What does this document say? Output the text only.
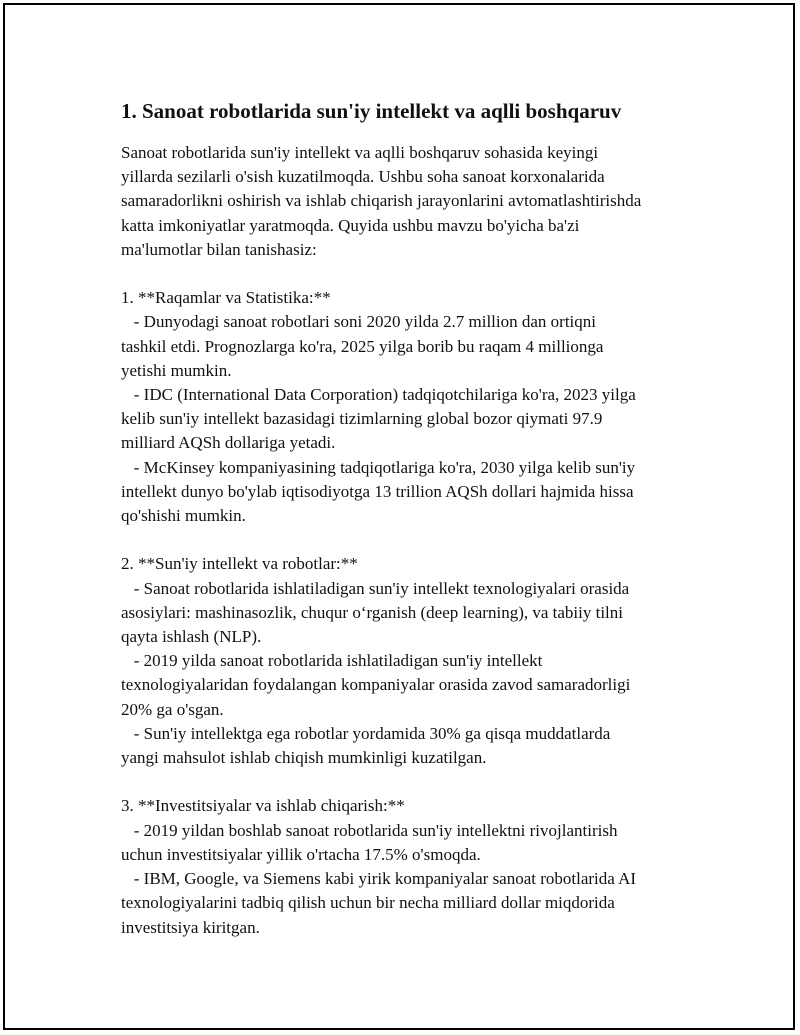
1. Sanoat robotlarida sun'iy intellekt va aqlli boshqaruv

Sanoat robotlarida sun'iy intellekt va aqlli boshqaruv sohasida keyingi
yillarda sezilarli o'sish kuzatilmoqda. Ushbu soha sanoat korxonalarida
samaradorlikni oshirish va ishlab chiqarish jarayonlarini avtomatlashtirishda
katta imkoniyatlar yaratmoqda. Quyida ushbu mavzu bo'yicha ba'zi
ma'lumotlar bilan tanishasiz:

1. **Raqamlar va Statistika:**
- Dunyodagi sanoat robotlari soni 2020 yilda 2.7 million dan ortiqni
tashkil etdi. Prognozlarga ko'ra, 2025 yilga borib bu raqam 4 millionga
yetishi mumkin.
- IDC (International Data Corporation) tadqiqotchilariga ko'ra, 2023 yilga
kelib sun'iy intellekt bazasidagi tizimlarning global bozor qiymati 97.9
milliard AQSh dollariga yetadi.
- McKinsey kompaniyasining tadqiqotlariga ko'ra, 2030 yilga kelib sun'iy
intellekt dunyo bo'ylab iqtisodiyotga 13 trillion AQSh dollari hajmida hissa
qo'shishi mumkin.

2. **Sun'iy intellekt va robotlar:**
- Sanoat robotlarida ishlatiladigan sun'iy intellekt texnologiyalari orasida
asosiylari: mashinasozlik, chuqur o‘rganish (deep learning), va tabiiy tilni
qayta ishlash (NLP).
- 2019 yilda sanoat robotlarida ishlatiladigan sun'iy intellekt
texnologiyalaridan foydalangan kompaniyalar orasida zavod samaradorligi
20% ga o'sgan.
- Sun'iy intellektga ega robotlar yordamida 30% ga qisqa muddatlarda
yangi mahsulot ishlab chiqish mumkinligi kuzatilgan.

3. **Investitsiyalar va ishlab chiqarish:**
- 2019 yildan boshlab sanoat robotlarida sun'iy intellektni rivojlantirish
uchun investitsiyalar yillik o'rtacha 17.5% o'smoqda.
- IBM, Google, va Siemens kabi yirik kompaniyalar sanoat robotlarida AI
texnologiyalarini tadbiq qilish uchun bir necha milliard dollar miqdorida
investitsiya kiritgan.
